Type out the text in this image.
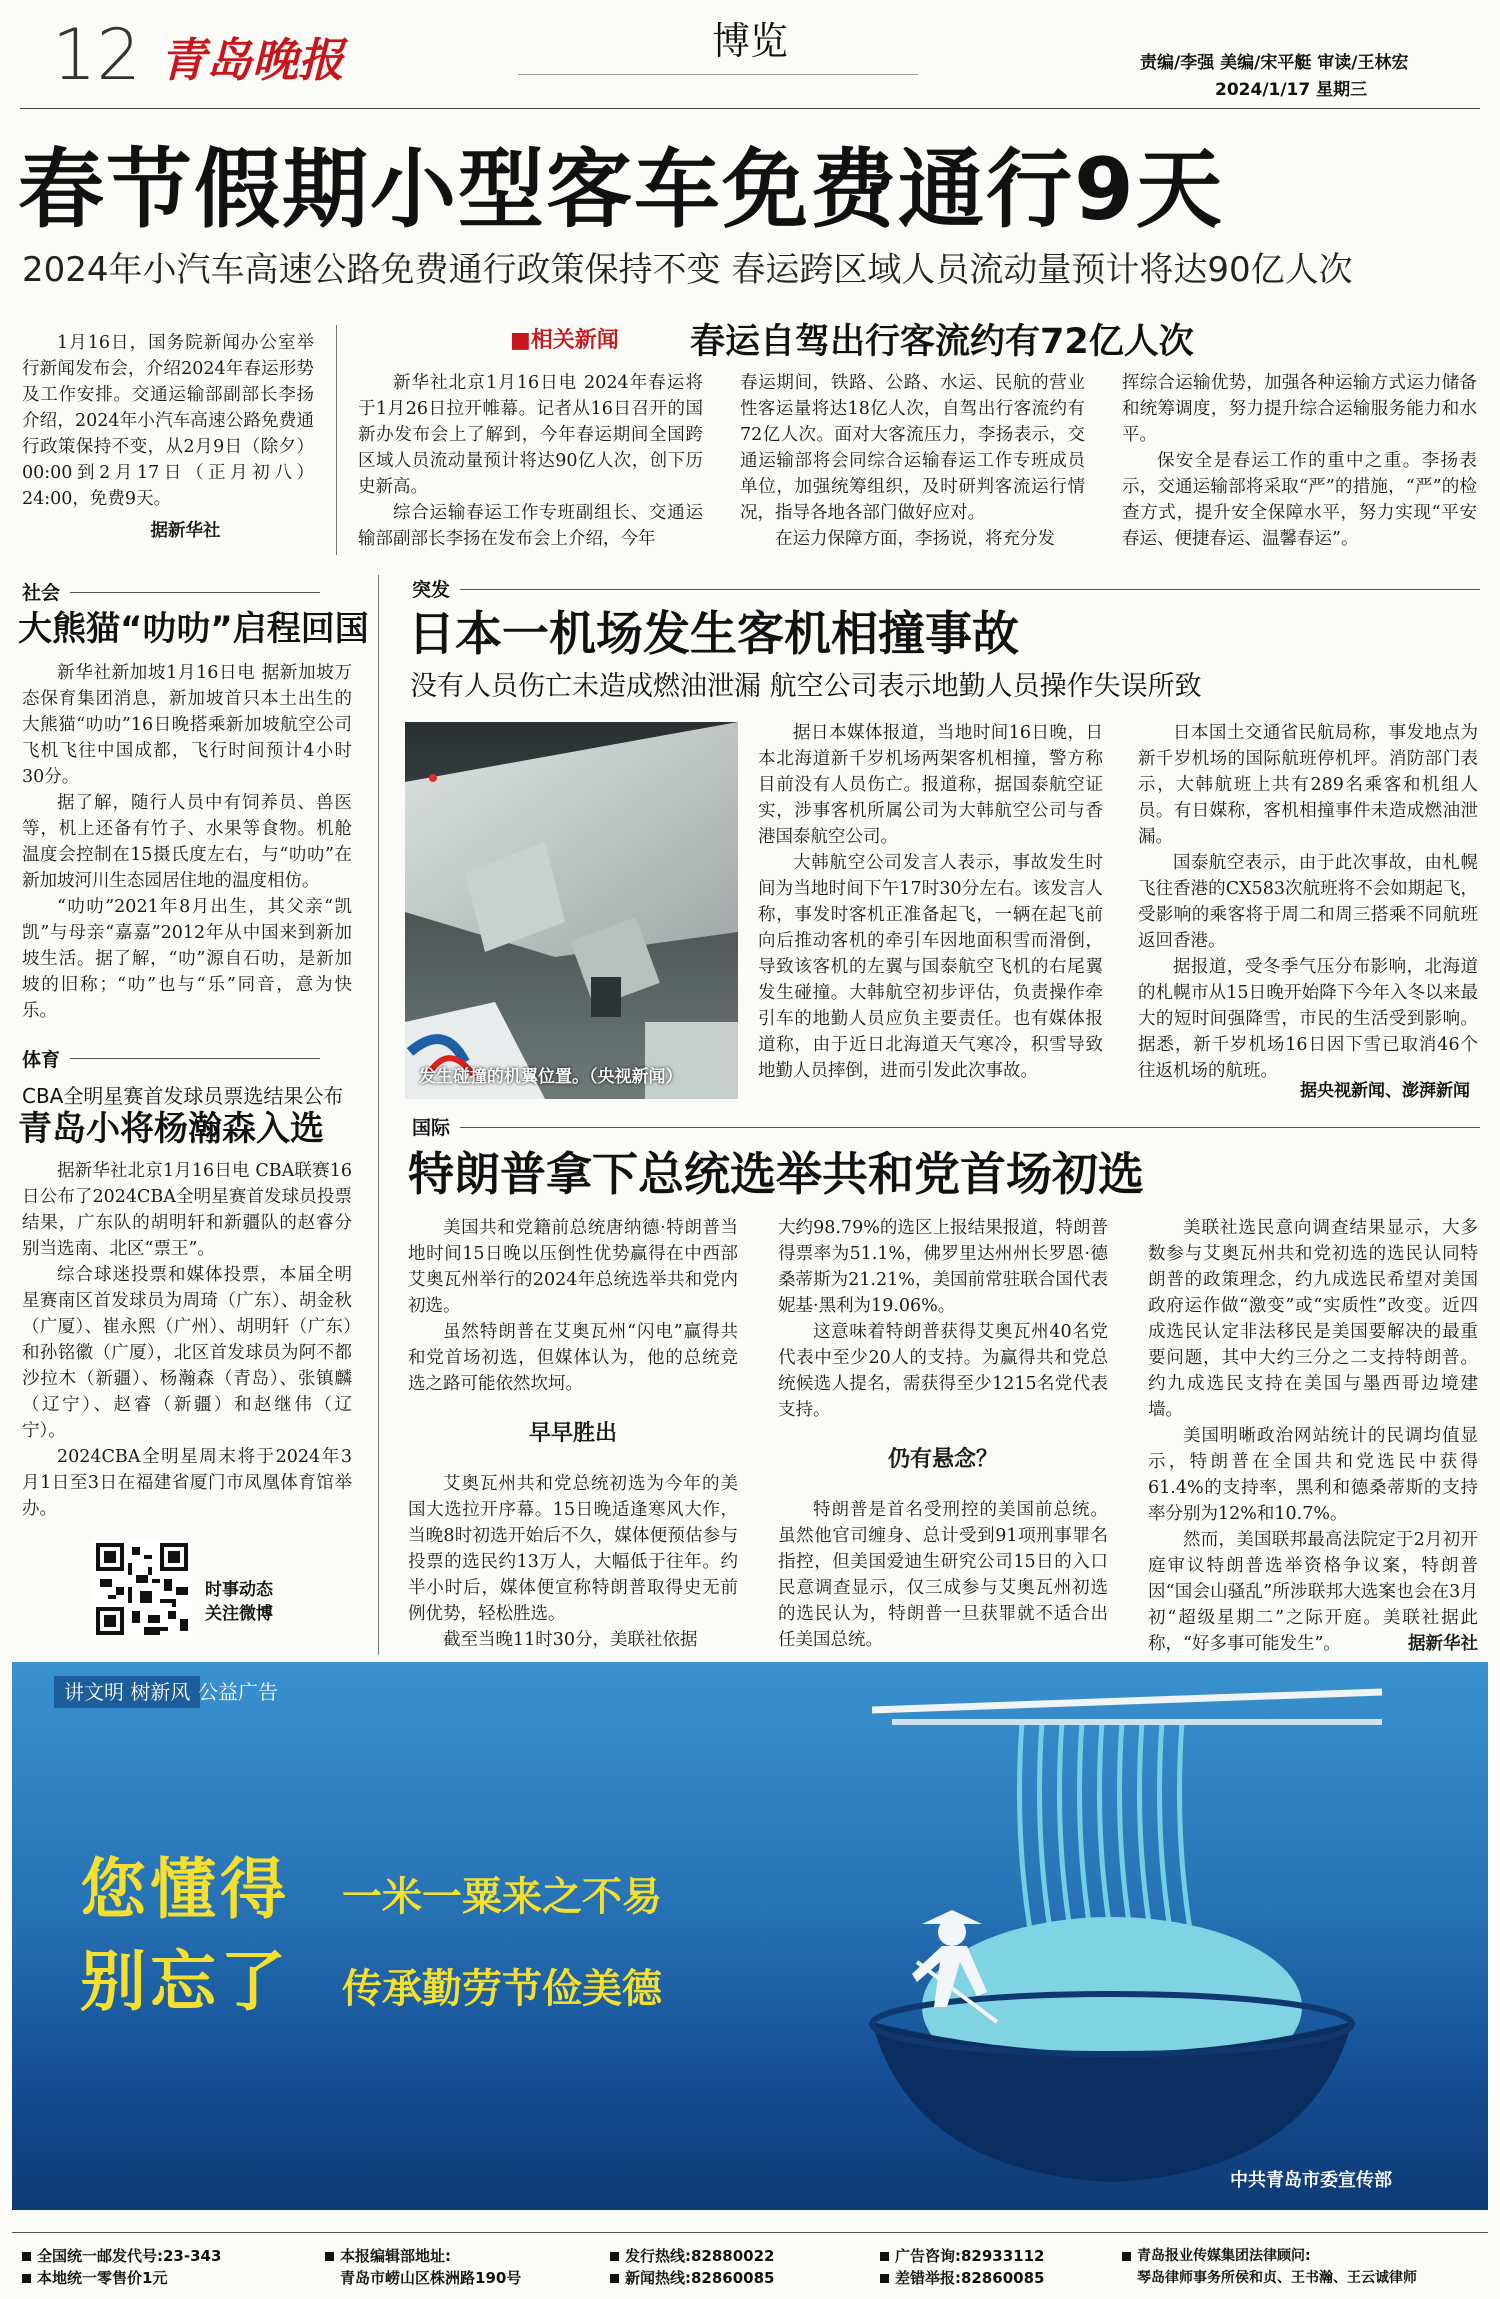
12 青岛晚报	博览	责编/李强 美编/宋平艇 审读/王林宏
2024/1/17 星期三
春节假期小型客车免费通行9天
2024年小汽车高速公路免费通行政策保持不变 春运跨区域人员流动量预计将达90亿人次

1月16日，国务院新闻办公室举行新闻发布会，介绍2024年春运形势及工作安排。交通运输部副部长李扬介绍，2024年小汽车高速公路免费通行政策保持不变，从2月9日（除夕）00:00到2月17日（正月初八）24:00，免费9天。

据新华社

■相关新闻 春运自驾出行客流约有72亿人次

新华社北京1月16日电 2024年春运将于1月26日拉开帷幕。记者从16日召开的国新办发布会上了解到，今年春运期间全国跨区域人员流动量预计将达90亿人次，创下历史新高。

综合运输春运工作专班副组长、交通运输部副部长李扬在发布会上介绍，今年

春运期间，铁路、公路、水运、民航的营业性客运量将达18亿人次，自驾出行客流约有72亿人次。面对大客流压力，李扬表示，交通运输部将会同综合运输春运工作专班成员单位，加强统筹组织，及时研判客流运行情况，指导各地各部门做好应对。

在运力保障方面，李扬说，将充分发

挥综合运输优势，加强各种运输方式运力储备和统筹调度，努力提升综合运输服务能力和水平。

保安全是春运工作的重中之重。李扬表示，交通运输部将采取“严”的措施，“严”的检查方式，提升安全保障水平，努力实现“平安春运、便捷春运、温馨春运”。

社会
大熊猫“叻叻”启程回国

新华社新加坡1月16日电 据新加坡万态保育集团消息，新加坡首只本土出生的大熊猫“叻叻”16日晚搭乘新加坡航空公司飞机飞往中国成都，飞行时间预计4小时30分。

据了解，随行人员中有饲养员、兽医等，机上还备有竹子、水果等食物。机舱温度会控制在15摄氏度左右，与“叻叻”在新加坡河川生态园居住地的温度相仿。

“叻叻”2021年8月出生，其父亲“凯凯”与母亲“嘉嘉”2012年从中国来到新加坡生活。据了解，“叻”源自石叻，是新加坡的旧称；“叻”也与“乐”同音，意为快乐。

体育
CBA全明星赛首发球员票选结果公布
青岛小将杨瀚森入选

据新华社北京1月16日电 CBA联赛16日公布了2024CBA全明星赛首发球员投票结果，广东队的胡明轩和新疆队的赵睿分别当选南、北区“票王”。

综合球迷投票和媒体投票，本届全明星赛南区首发球员为周琦（广东）、胡金秋（广厦）、崔永熙（广州）、胡明轩（广东）和孙铭徽（广厦），北区首发球员为阿不都沙拉木（新疆）、杨瀚森（青岛）、张镇麟（辽宁）、赵睿（新疆）和赵继伟（辽宁）。

2024CBA全明星周末将于2024年3月1日至3日在福建省厦门市凤凰体育馆举办。

时事动态
关注微博
突发
日本一机场发生客机相撞事故
没有人员伤亡未造成燃油泄漏 航空公司表示地勤人员操作失误所致
发生碰撞的机翼位置。（央视新闻）

据日本媒体报道，当地时间16日晚，日本北海道新千岁机场两架客机相撞，警方称目前没有人员伤亡。报道称，据国泰航空证实，涉事客机所属公司为大韩航空公司与香港国泰航空公司。

大韩航空公司发言人表示，事故发生时间为当地时间下午17时30分左右。该发言人称，事发时客机正准备起飞，一辆在起飞前向后推动客机的牵引车因地面积雪而滑倒，导致该客机的左翼与国泰航空飞机的右尾翼发生碰撞。大韩航空初步评估，负责操作牵引车的地勤人员应负主要责任。也有媒体报道称，由于近日北海道天气寒冷，积雪导致地勤人员摔倒，进而引发此次事故。

日本国土交通省民航局称，事发地点为新千岁机场的国际航班停机坪。消防部门表示，大韩航班上共有289名乘客和机组人员。有日媒称，客机相撞事件未造成燃油泄漏。

国泰航空表示，由于此次事故，由札幌飞往香港的CX583次航班将不会如期起飞，受影响的乘客将于周二和周三搭乘不同航班返回香港。

据报道，受冬季气压分布影响，北海道的札幌市从15日晚开始降下今年入冬以来最大的短时间强降雪，市民的生活受到影响。据悉，新千岁机场16日因下雪已取消46个往返机场的航班。

据央视新闻、澎湃新闻
国际
特朗普拿下总统选举共和党首场初选

美国共和党籍前总统唐纳德·特朗普当地时间15日晚以压倒性优势赢得在中西部艾奥瓦州举行的2024年总统选举共和党内初选。

虽然特朗普在艾奥瓦州“闪电”赢得共和党首场初选，但媒体认为，他的总统竞选之路可能依然坎坷。

早早胜出

艾奥瓦州共和党总统初选为今年的美国大选拉开序幕。15日晚适逢寒风大作，当晚8时初选开始后不久，媒体便预估参与投票的选民约13万人，大幅低于往年。约半小时后，媒体便宣称特朗普取得史无前例优势，轻松胜选。

截至当晚11时30分，美联社依据

大约98.79%的选区上报结果报道，特朗普得票率为51.1%，佛罗里达州州长罗恩·德桑蒂斯为21.21%，美国前常驻联合国代表妮基·黑利为19.06%。

这意味着特朗普获得艾奥瓦州40名党代表中至少20人的支持。为赢得共和党总统候选人提名，需获得至少1215名党代表支持。

仍有悬念？

特朗普是首名受刑控的美国前总统。虽然他官司缠身、总计受到91项刑事罪名指控，但美国爱迪生研究公司15日的入口民意调查显示，仅三成参与艾奥瓦州初选的选民认为，特朗普一旦获罪就不适合出任美国总统。

美联社选民意向调查结果显示，大多数参与艾奥瓦州共和党初选的选民认同特朗普的政策理念，约九成选民希望对美国政府运作做“激变”或“实质性”改变。近四成选民认定非法移民是美国要解决的最重要问题，其中大约三分之二支持特朗普。约九成选民支持在美国与墨西哥边境建墙。

美国明晰政治网站统计的民调均值显示，特朗普在全国共和党选民中获得61.4%的支持率，黑利和德桑蒂斯的支持率分别为12%和10.7%。

然而，美国联邦最高法院定于2月初开庭审议特朗普选举资格争议案，特朗普因“国会山骚乱”所涉联邦大选案也会在3月初“超级星期二”之际开庭。美联社据此称，“好多事可能发生”。	据新华社

讲文明 树新风 公益广告
您懂得 一米一粟来之不易
别忘了 传承勤劳节俭美德
中共青岛市委宣传部
全国统一邮发代号:23-343
本地统一零售价1元
本报编辑部地址:
青岛市崂山区株洲路190号
发行热线:82880022
新闻热线:82860085
广告咨询:82933112
差错举报:82860085
青岛报业传媒集团法律顾问:
琴岛律师事务所侯和贞、王书瀚、王云诚律师
